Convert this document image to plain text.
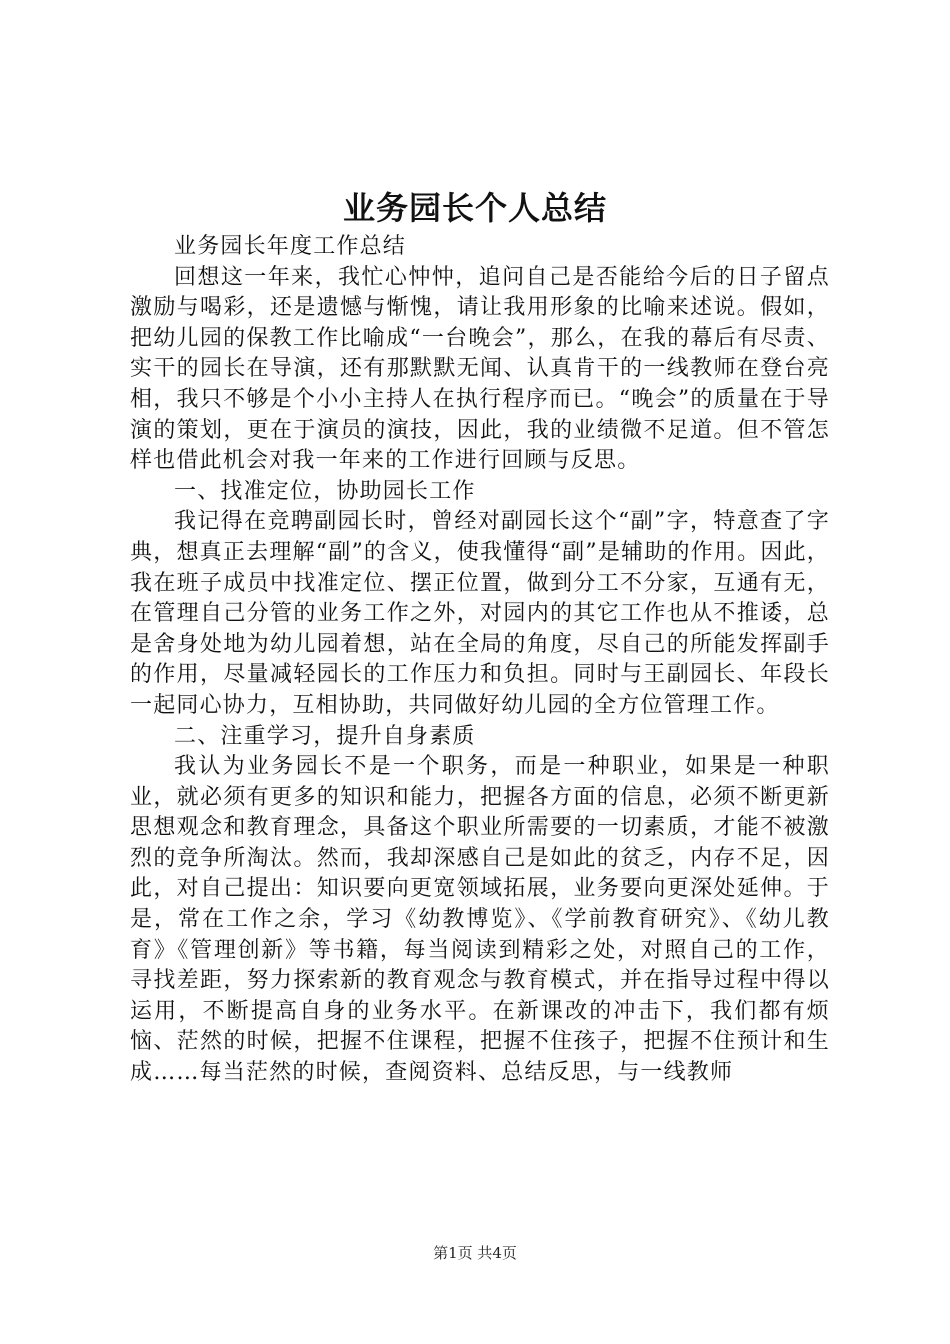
业务园长个人总结

业务园长年度工作总结

回想这一年来，我忙心忡忡，追问自己是否能给今后的日子留点激励与喝彩，还是遗憾与惭愧，请让我用形象的比喻来述说。假如，把幼儿园的保教工作比喻成“一台晚会”，那么，在我的幕后有尽责、实干的园长在导演，还有那默默无闻、认真肯干的一线教师在登台亮相，我只不够是个小小主持人在执行程序而已。“晚会”的质量在于导演的策划，更在于演员的演技，因此，我的业绩微不足道。但不管怎样也借此机会对我一年来的工作进行回顾与反思。

一、找准定位，协助园长工作

我记得在竞聘副园长时，曾经对副园长这个“副”字，特意查了字典，想真正去理解“副”的含义，使我懂得“副”是辅助的作用。因此，我在班子成员中找准定位、摆正位置，做到分工不分家，互通有无，在管理自己分管的业务工作之外，对园内的其它工作也从不推诿，总是舍身处地为幼儿园着想，站在全局的角度，尽自己的所能发挥副手的作用，尽量减轻园长的工作压力和负担。同时与王副园长、年段长一起同心协力，互相协助，共同做好幼儿园的全方位管理工作。

二、注重学习，提升自身素质

我认为业务园长不是一个职务，而是一种职业，如果是一种职业，就必须有更多的知识和能力，把握各方面的信息，必须不断更新思想观念和教育理念，具备这个职业所需要的一切素质，才能不被激烈的竞争所淘汰。然而，我却深感自己是如此的贫乏，内存不足，因此，对自己提出：知识要向更宽领域拓展，业务要向更深处延伸。于是，常在工作之余，学习《幼教博览》、《学前教育研究》、《幼儿教育》《管理创新》等书籍，每当阅读到精彩之处，对照自己的工作，寻找差距，努力探索新的教育观念与教育模式，并在指导过程中得以运用，不断提高自身的业务水平。在新课改的冲击下，我们都有烦恼、茫然的时候，把握不住课程，把握不住孩子，把握不住预计和生成……每当茫然的时候，查阅资料、总结反思，与一线教师

第1页 共4页
